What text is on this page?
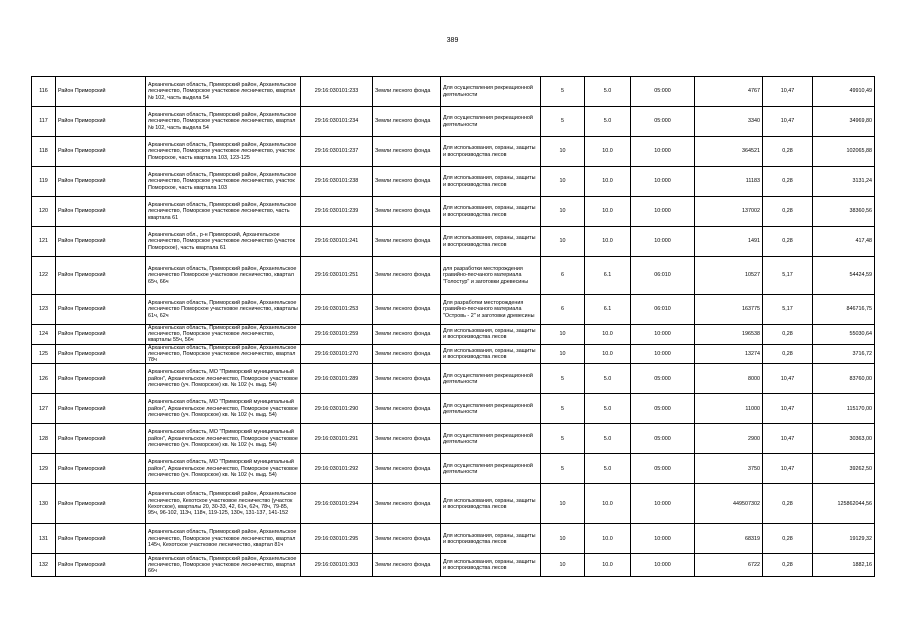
389
116	Район Приморский	Архангельская область, Приморский район, Архангельское лесничество, Поморское участковое лесничество, квартал № 102, часть выдела 54	29:16:030101:233	Земли лесного фонда	Для осуществления рекреационной деятельности	5	5.0	05:000	4767	10,47	49910,49
117	Район Приморский	Архангельская область, Приморский район, Архангельское лесничество, Поморское участковое лесничество, квартал № 102, часть выдела 54	29:16:030101:234	Земли лесного фонда	Для осуществления рекреационной деятельности	5	5.0	05:000	3340	10,47	34969,80
118	Район Приморский	Архангельская область, Приморский район, Архангельское лесничество, Поморское участковое лесничество, участок Поморское, часть квартала 103, 123-125	29:16:030101:237	Земли лесного фонда	Для использования, охраны, защиты и воспроизводства лесов	10	10.0	10:000	364521	0,28	102065,88
119	Район Приморский	Архангельская область, Приморский район, Архангельское лесничество, Поморское участковое лесничество, участок Поморское, часть квартала 103	29:16:030101:238	Земли лесного фонда	Для использования, охраны, защиты и воспроизводства лесов	10	10.0	10:000	11183	0,28	3131,24
120	Район Приморский	Архангельская область, Приморский район, Архангельское лесничество, Поморское участковое лесничество, часть квартала 61	29:16:030101:239	Земли лесного фонда	Для использования, охраны, защиты и воспроизводства лесов	10	10.0	10:000	137002	0,28	38360,56
121	Район Приморский	Архангельская обл., р-н Приморский, Архангельское лесничество, Поморское участковое лесничество (участок Поморское), часть квартала 61	29:16:030101:241	Земли лесного фонда	Для использования, охраны, защиты и воспроизводства лесов	10	10.0	10:000	1491	0,28	417,48
122	Район Приморский	Архангельская область, Приморский район, Архангельское лесничество Поморское участковое лесничество, квартал 65ч, 66ч	29:16:030101:251	Земли лесного фонда	для разработки месторождения гравийно-песчаного материала "Голостур" и заготовки древесины	6	6.1	06:010	10527	5,17	54424,59
123	Район Приморский	Архангельская область, Приморский район, Архангельское лесничество Поморское участковое лесничество, кварталы 61ч, 62ч	29:16:030101:253	Земли лесного фонда	Для разработки месторождения гравийно-песчаного материала "Островь - 2" и заготовки древесины	6	6.1	06:010	163775	5,17	846716,75
124	Район Приморский	Архангельская область, Приморский район, Архангельское лесничество, Поморское участковое лесничество, кварталы 55ч, 56ч	29:16:030101:259	Земли лесного фонда	Для использования, охраны, защиты и воспроизводства лесов	10	10.0	10:000	196538	0,28	55030,64
125	Район Приморский	Архангельская область, Приморский район, Архангельское лесничество, Поморское участковое лесничество, квартал 78ч	29:16:030101:270	Земли лесного фонда	Для использования, охраны, защиты и воспроизводства лесов	10	10.0	10:000	13274	0,28	3716,72
126	Район Приморский	Архангельская область, МО "Приморский муниципальный район", Архангельское лесничество, Поморское участковое лесничество (уч. Поморское) кв. № 102 (ч. выд. 54)	29:16:030101:289	Земли лесного фонда	Для осуществления рекреационной деятельности	5	5.0	05:000	8000	10,47	83760,00
127	Район Приморский	Архангельская область, МО "Приморский муниципальный район", Архангельское лесничество, Поморское участковое лесничество (уч. Поморское) кв. № 102 (ч. выд. 54)	29:16:030101:290	Земли лесного фонда	Для осуществления рекреационной деятельности	5	5.0	05:000	11000	10,47	115170,00
128	Район Приморский	Архангельская область, МО "Приморский муниципальный район", Архангельское лесничество, Поморское участковое лесничество (уч. Поморское) кв. № 102 (ч. выд. 54)	29:16:030101:291	Земли лесного фонда	Для осуществления рекреационной деятельности	5	5.0	05:000	2900	10,47	30363,00
129	Район Приморский	Архангельская область, МО "Приморский муниципальный район", Архангельское лесничество, Поморское участковое лесничество (уч. Поморское) кв. № 102 (ч. выд. 54)	29:16:030101:292	Земли лесного фонда	Для осуществления рекреационной деятельности	5	5.0	05:000	3750	10,47	39262,50
130	Район Приморский	Архангельская область, Приморский район, Архангельское лесничество, Кехотское участковое лесничество (участок Кехотское), кварталы 20, 30-33, 42, 61ч, 62ч, 78ч, 79-85, 95ч, 96-102, 113ч, 118ч, 119-125, 130ч, 131-137, 141-152	29:16:030101:294	Земли лесного фонда	Для использования, охраны, защиты и воспроизводства лесов	10	10.0	10:000	449507302	0,28	125862044,56
131	Район Приморский	Архангельская область, Приморский район, Архангельское лесничество, Поморское участковое лесничество, квартал 145ч, Кехотское участковое лесничество, квартал 81ч	29:16:030101:295	Земли лесного фонда	Для использования, охраны, защиты и воспроизводства лесов	10	10.0	10:000	68319	0,28	19129,32
132	Район Приморский	Архангельская область, Приморский район, Архангельское лесничество, Поморское участковое лесничество, квартал 66ч	29:16:030101:303	Земли лесного фонда	Для использования, охраны, защиты и воспроизводства лесов	10	10.0	10:000	6722	0,28	1882,16
